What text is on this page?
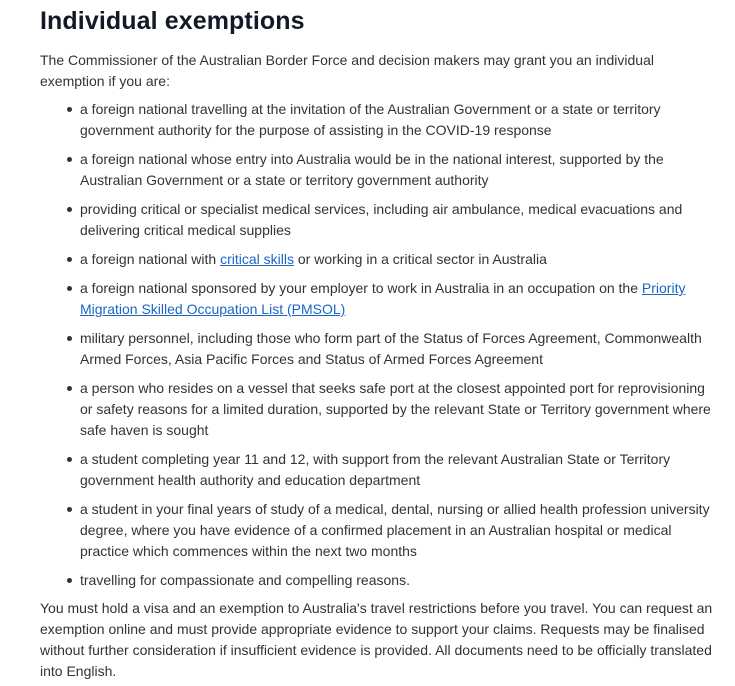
Individual exemptions

The Commissioner of the Australian Border Force and decision makers may grant you an individual exemption if you are:

a foreign national travelling at the invitation of the Australian Government or a state or territory government authority for the purpose of assisting in the COVID-19 response
a foreign national whose entry into Australia would be in the national interest, supported by the Australian Government or a state or territory government authority
providing critical or specialist medical services, including air ambulance, medical evacuations and delivering critical medical supplies
a foreign national with critical skills or working in a critical sector in Australia
a foreign national sponsored by your employer to work in Australia in an occupation on the Priority Migration Skilled Occupation List (PMSOL)
military personnel, including those who form part of the Status of Forces Agreement, Commonwealth Armed Forces, Asia Pacific Forces and Status of Armed Forces Agreement
a person who resides on a vessel that seeks safe port at the closest appointed port for reprovisioning or safety reasons for a limited duration, supported by the relevant State or Territory government where safe haven is sought
a student completing year 11 and 12, with support from the relevant Australian State or Territory government health authority and education department
a student in your final years of study of a medical, dental, nursing or allied health profession university degree, where you have evidence of a confirmed placement in an Australian hospital or medical practice which commences within the next two months
travelling for compassionate and compelling reasons.

You must hold a visa and an exemption to Australia's travel restrictions before you travel. You can request an exemption online and must provide appropriate evidence to support your claims. Requests may be finalised without further consideration if insufficient evidence is provided. All documents need to be officially translated into English.
